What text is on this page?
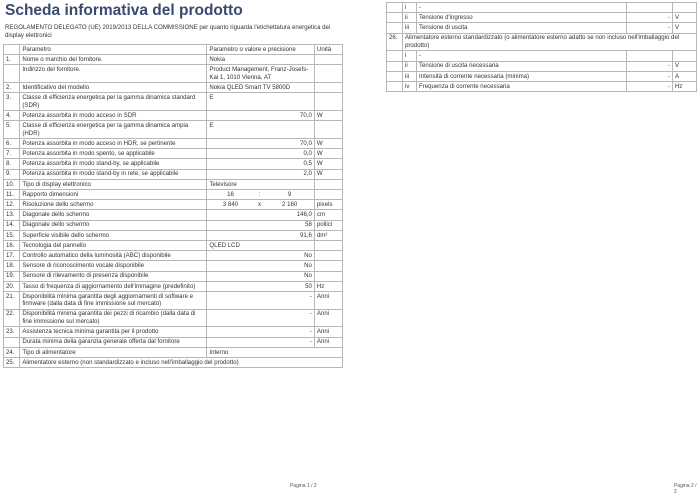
Scheda informativa del prodotto
REGOLAMENTO DELEGATO (UE) 2019/2013 DELLA COMMISSIONE per quanto riguarda l'etichettatura energetica dei display elettronici
	Parametro	Parametro o valore e precisione			Unità
1.	Nome o marchio del fornitore.	Nokia			
	Indirizzo del fornitore.	Product Management, Franz-Josefs-Kai 1, 1010 Vienna, AT			
2.	Identificativo del modello	Nokia QLED Smart TV 5800D			
3.	Classe di efficienza energetica per la gamma dinamica standard (SDR)	E			
4.	Potenza assorbita in modo acceso in SDR	70,0			W
5.	Classe di efficienza energetica per la gamma dinamica ampia (HDR)	E			
6.	Potenza assorbita in modo acceso in HDR, se pertinente	70,0			W
7.	Potenza assorbita in modo spento, se applicabile	0,0			W
8.	Potenza assorbita in modo stand-by, se applicabile	0,5			W
9.	Potenza assorbita in modo stand-by in rete, se applicabile	2,0			W
10.	Tipo di display elettronico	Televisore			
11.	Rapporto dimensioni	16	:	9	
12.	Risoluzione dello schermo	3 840	x	2 160	pixels
13.	Diagonale dello schermo	146,0			cm
14.	Diagonale dello schermo	58			pollici
15.	Superficie visibile dello schermo	91,6			dm²
16.	Tecnologia del pannello	QLED LCD			
17.	Controllo automatico della luminosità (ABC) disponibile	No			
18.	Sensore di riconoscimento vocale disponibile	No			
19.	Sensore di rilevamento di presenza disponibile	No			
20.	Tasso di frequenza di aggiornamento dell'immagine (predefinito)	50			Hz
21.	Disponibilità minima garantita degli aggiornamenti di software e firmware (dalla data di fine immissione sul mercato)	-			Anni
22.	Disponibilità minima garantita dei pezzi di ricambio (dalla data di fine immissione sul mercato)	-			Anni
23.	Assistenza tecnica minima garantita per il prodotto	-			Anni
	Durata minima della garanzia generale offerta dal fornitore	-			Anni
24.	Tipo di alimentatore	Interno			
25.	Alimentatore esterno (non standardizzato e incluso nell'imballaggio del prodotto)				
Pagina 1 / 2
	i	-		
	ii	Tensione d'ingresso	-	V
	iii	Tensione di uscita	-	V
26.	Alimentatore esterno standardizzato (o alimentatore esterno adatto se non incluso nell'imballaggio del prodotto)			
	i	-		
	ii	Tensione di uscita necessaria	-	V
	iii	Intensità di corrente necessaria (minima)	-	A
	iv	Frequenza di corrente necessaria	-	Hz
Pagina 2 / 2
